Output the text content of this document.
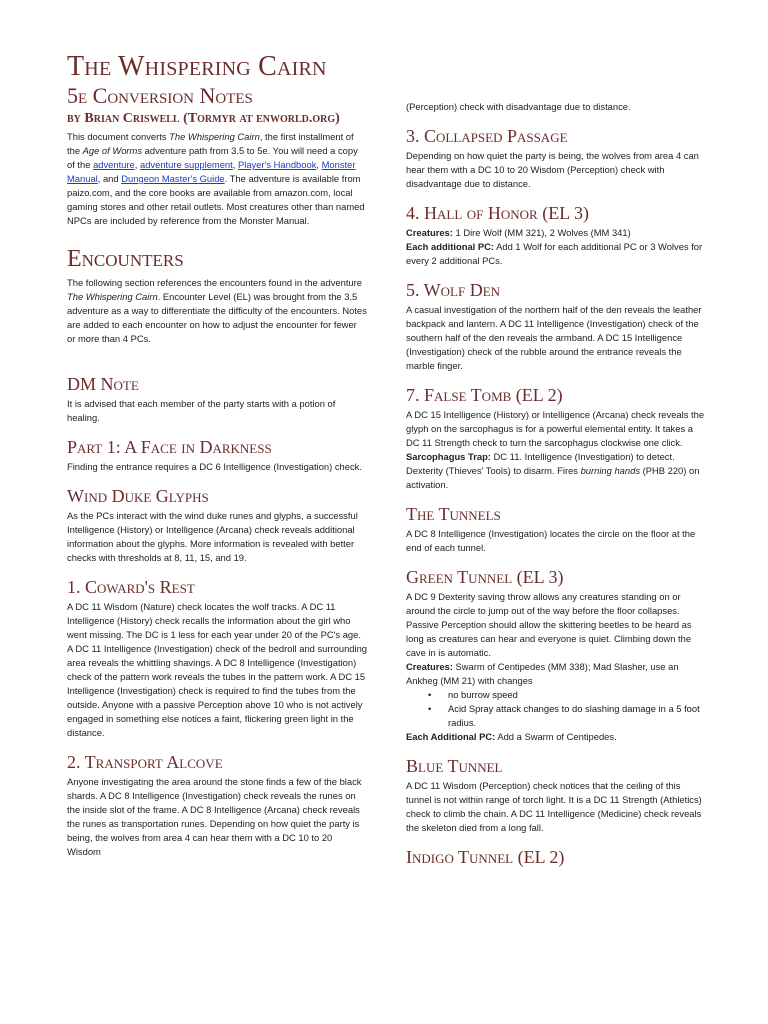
The Whispering Cairn
5e Conversion Notes
by Brian Criswell (Tormyr at enworld.org)

This document converts The Whispering Cairn, the first installment of the Age of Worms adventure path from 3.5 to 5e. You will need a copy of the adventure, adventure supplement, Player's Handbook, Monster Manual, and Dungeon Master's Guide. The adventure is available from paizo.com, and the core books are available from amazon.com, local gaming stores and other retail outlets. Most creatures other than named NPCs are included by reference from the Monster Manual.

Encounters

The following section references the encounters found in the adventure The Whispering Cairn. Encounter Level (EL) was brought from the 3.5 adventure as a way to differentiate the difficulty of the encounters. Notes are added to each encounter on how to adjust the encounter for fewer or more than 4 PCs.

DM Note

It is advised that each member of the party starts with a potion of healing.

Part 1: A Face in Darkness

Finding the entrance requires a DC 6 Intelligence (Investigation) check.

Wind Duke Glyphs

As the PCs interact with the wind duke runes and glyphs, a successful Intelligence (History) or Intelligence (Arcana) check reveals additional information about the glyphs. More information is revealed with better checks with thresholds at 8, 11, 15, and 19.

1. Coward's Rest

A DC 11 Wisdom (Nature) check locates the wolf tracks. A DC 11 Intelligence (History) check recalls the information about the girl who went missing. The DC is 1 less for each year under 20 of the PC's age. A DC 11 Intelligence (Investigation) check of the bedroll and surrounding area reveals the whittling shavings. A DC 8 Intelligence (Investigation) check of the pattern work reveals the tubes in the pattern work. A DC 15 Intelligence (Investigation) check is required to find the tubes from the outside. Anyone with a passive Perception above 10 who is not actively engaged in something else notices a faint, flickering green light in the distance.

2. Transport Alcove

Anyone investigating the area around the stone finds a few of the black shards. A DC 8 Intelligence (Investigation) check reveals the runes on the inside slot of the frame. A DC 8 Intelligence (Arcana) check reveals the runes as transportation runes. Depending on how quiet the party is being, the wolves from area 4 can hear them with a DC 10 to 20 Wisdom

(Perception) check with disadvantage due to distance.

3. Collapsed Passage

Depending on how quiet the party is being, the wolves from area 4 can hear them with a DC 10 to 20 Wisdom (Perception) check with disadvantage due to distance.

4. Hall of Honor (EL 3)

Creatures: 1 Dire Wolf (MM 321), 2 Wolves (MM 341)
Each additional PC: Add 1 Wolf for each additional PC or 3 Wolves for every 2 additional PCs.

5. Wolf Den

A casual investigation of the northern half of the den reveals the leather backpack and lantern. A DC 11 Intelligence (Investigation) check of the southern half of the den reveals the armband. A DC 15 Intelligence (Investigation) check of the rubble around the entrance reveals the marble finger.

7. False Tomb (EL 2)

A DC 15 Intelligence (History) or Intelligence (Arcana) check reveals the glyph on the sarcophagus is for a powerful elemental entity. It takes a DC 11 Strength check to turn the sarcophagus clockwise one click.
Sarcophagus Trap: DC 11. Intelligence (Investigation) to detect. Dexterity (Thieves' Tools) to disarm. Fires burning hands (PHB 220) on activation.

The Tunnels

A DC 8 Intelligence (Investigation) locates the circle on the floor at the end of each tunnel.

Green Tunnel (EL 3)

A DC 9 Dexterity saving throw allows any creatures standing on or around the circle to jump out of the way before the floor collapses. Passive Perception should allow the skittering beetles to be heard as long as creatures can hear and everyone is quiet. Climbing down the cave in is automatic.
Creatures: Swarm of Centipedes (MM 338); Mad Slasher, use an Ankheg (MM 21) with changes

• no burrow speed
• Acid Spray attack changes to do slashing damage in a 5 foot radius.

Each Additional PC: Add a Swarm of Centipedes.

Blue Tunnel

A DC 11 Wisdom (Perception) check notices that the ceiling of this tunnel is not within range of torch light. It is a DC 11 Strength (Athletics) check to climb the chain. A DC 11 Intelligence (Medicine) check reveals the skeleton died from a long fall.

Indigo Tunnel (EL 2)
